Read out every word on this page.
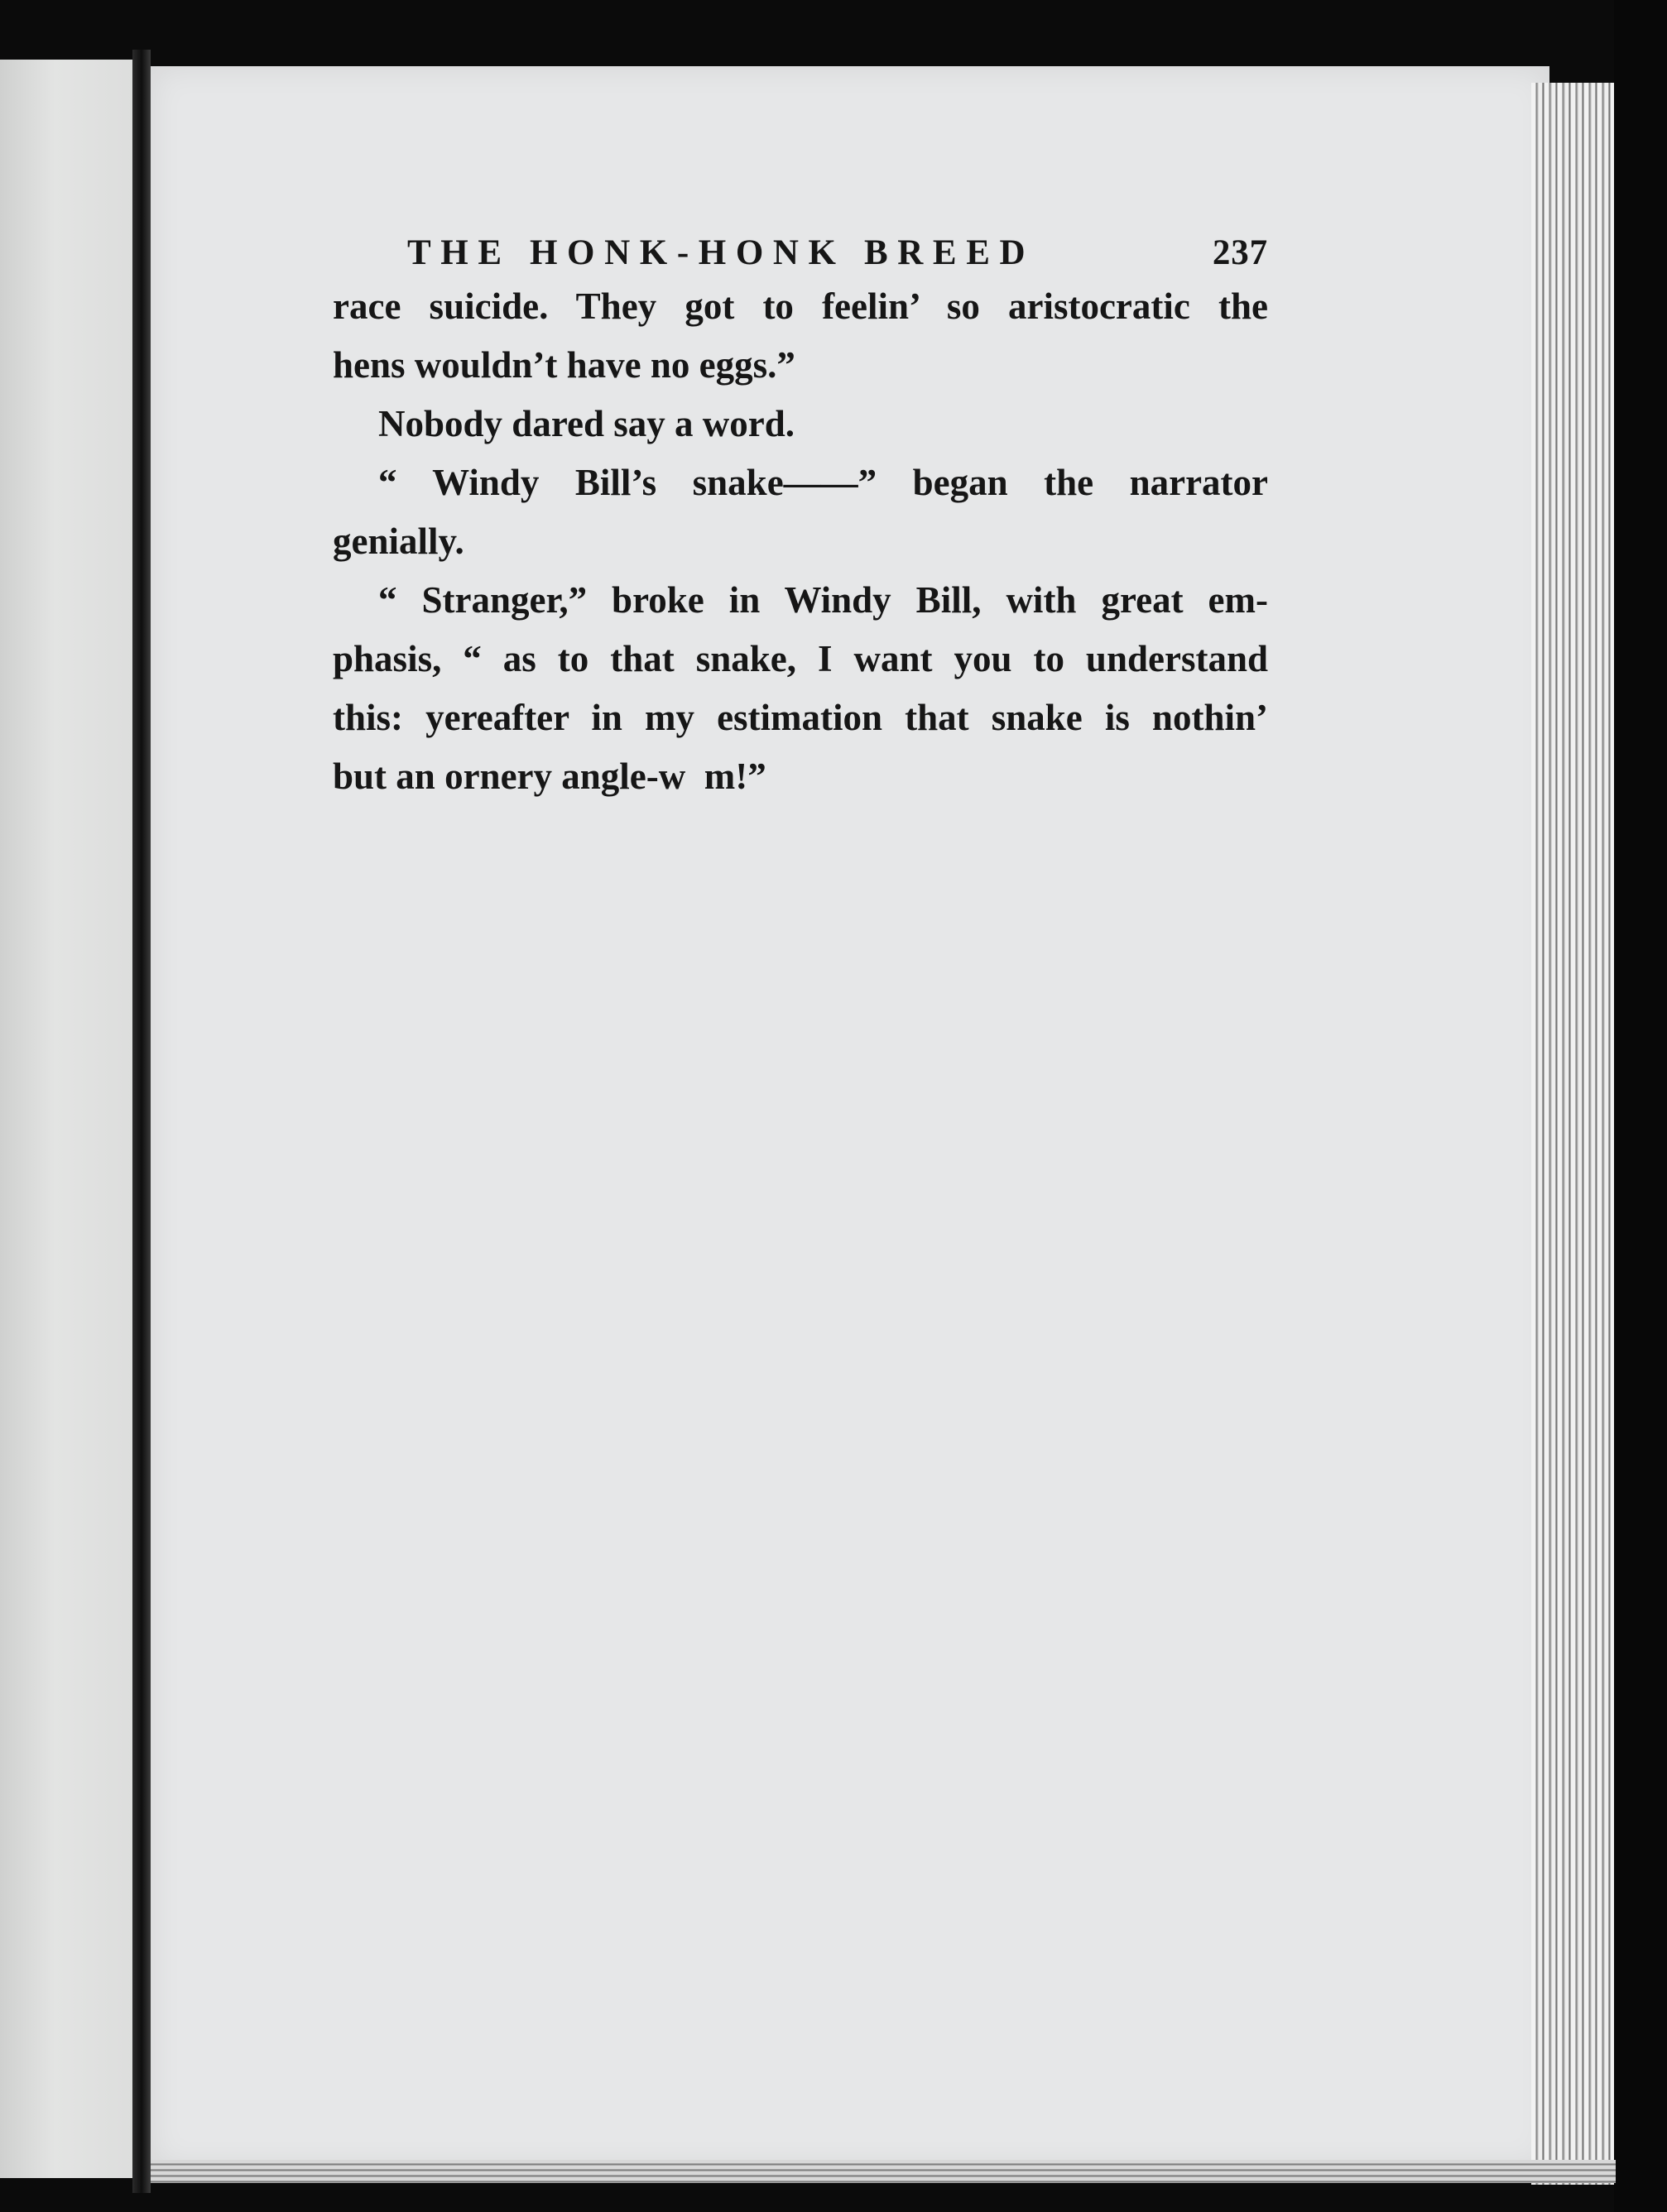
THE HONK-HONK BREED	237
race suicide. They got to feelin’ so aristocratic the
hens wouldn’t have no eggs.”
Nobody dared say a word.
“ Windy Bill’s snake——” began the narrator
genially.
“ Stranger,” broke in Windy Bill, with great em-
phasis, “ as to that snake, I want you to understand
this: yereafter in my estimation that snake is nothin’
but an ornery angle-w m!”
